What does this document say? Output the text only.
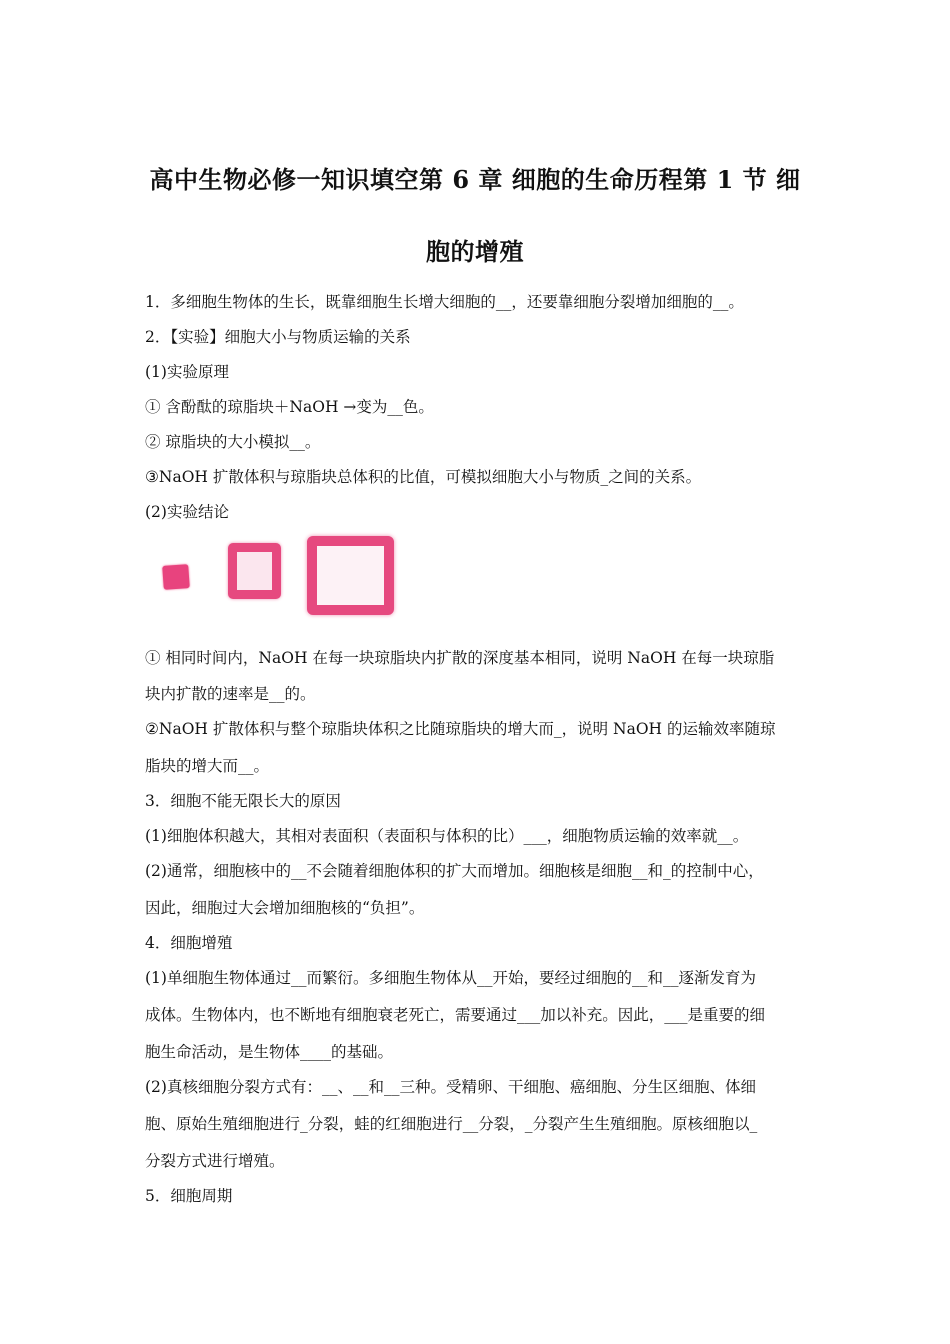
高中生物必修一知识填空第 6 章 细胞的生命历程第 1 节 细
胞的增殖
1．多细胞生物体的生长，既靠细胞生长增大细胞的__，还要靠细胞分裂增加细胞的__。
2．【实验】细胞大小与物质运输的关系
(1)实验原理
① 含酚酞的琼脂块＋NaOH →变为__色。
② 琼脂块的大小模拟__。
③NaOH 扩散体积与琼脂块总体积的比值，可模拟细胞大小与物质_之间的关系。
(2)实验结论
① 相同时间内，NaOH 在每一块琼脂块内扩散的深度基本相同，说明 NaOH 在每一块琼脂
块内扩散的速率是__的。
②NaOH 扩散体积与整个琼脂块体积之比随琼脂块的增大而_，说明 NaOH 的运输效率随琼
脂块的增大而__。
3．细胞不能无限长大的原因
(1)细胞体积越大，其相对表面积（表面积与体积的比）___，细胞物质运输的效率就__。
(2)通常，细胞核中的__不会随着细胞体积的扩大而增加。细胞核是细胞__和_的控制中心，
因此，细胞过大会增加细胞核的“负担”。
4．细胞增殖
(1)单细胞生物体通过__而繁衍。多细胞生物体从__开始，要经过细胞的__和__逐渐发育为
成体。生物体内，也不断地有细胞衰老死亡，需要通过___加以补充。因此，___是重要的细
胞生命活动，是生物体____的基础。
(2)真核细胞分裂方式有：__、__和__三种。受精卵、干细胞、癌细胞、分生区细胞、体细
胞、原始生殖细胞进行_分裂，蛙的红细胞进行__分裂，_分裂产生生殖细胞。原核细胞以_
分裂方式进行增殖。
5．细胞周期
